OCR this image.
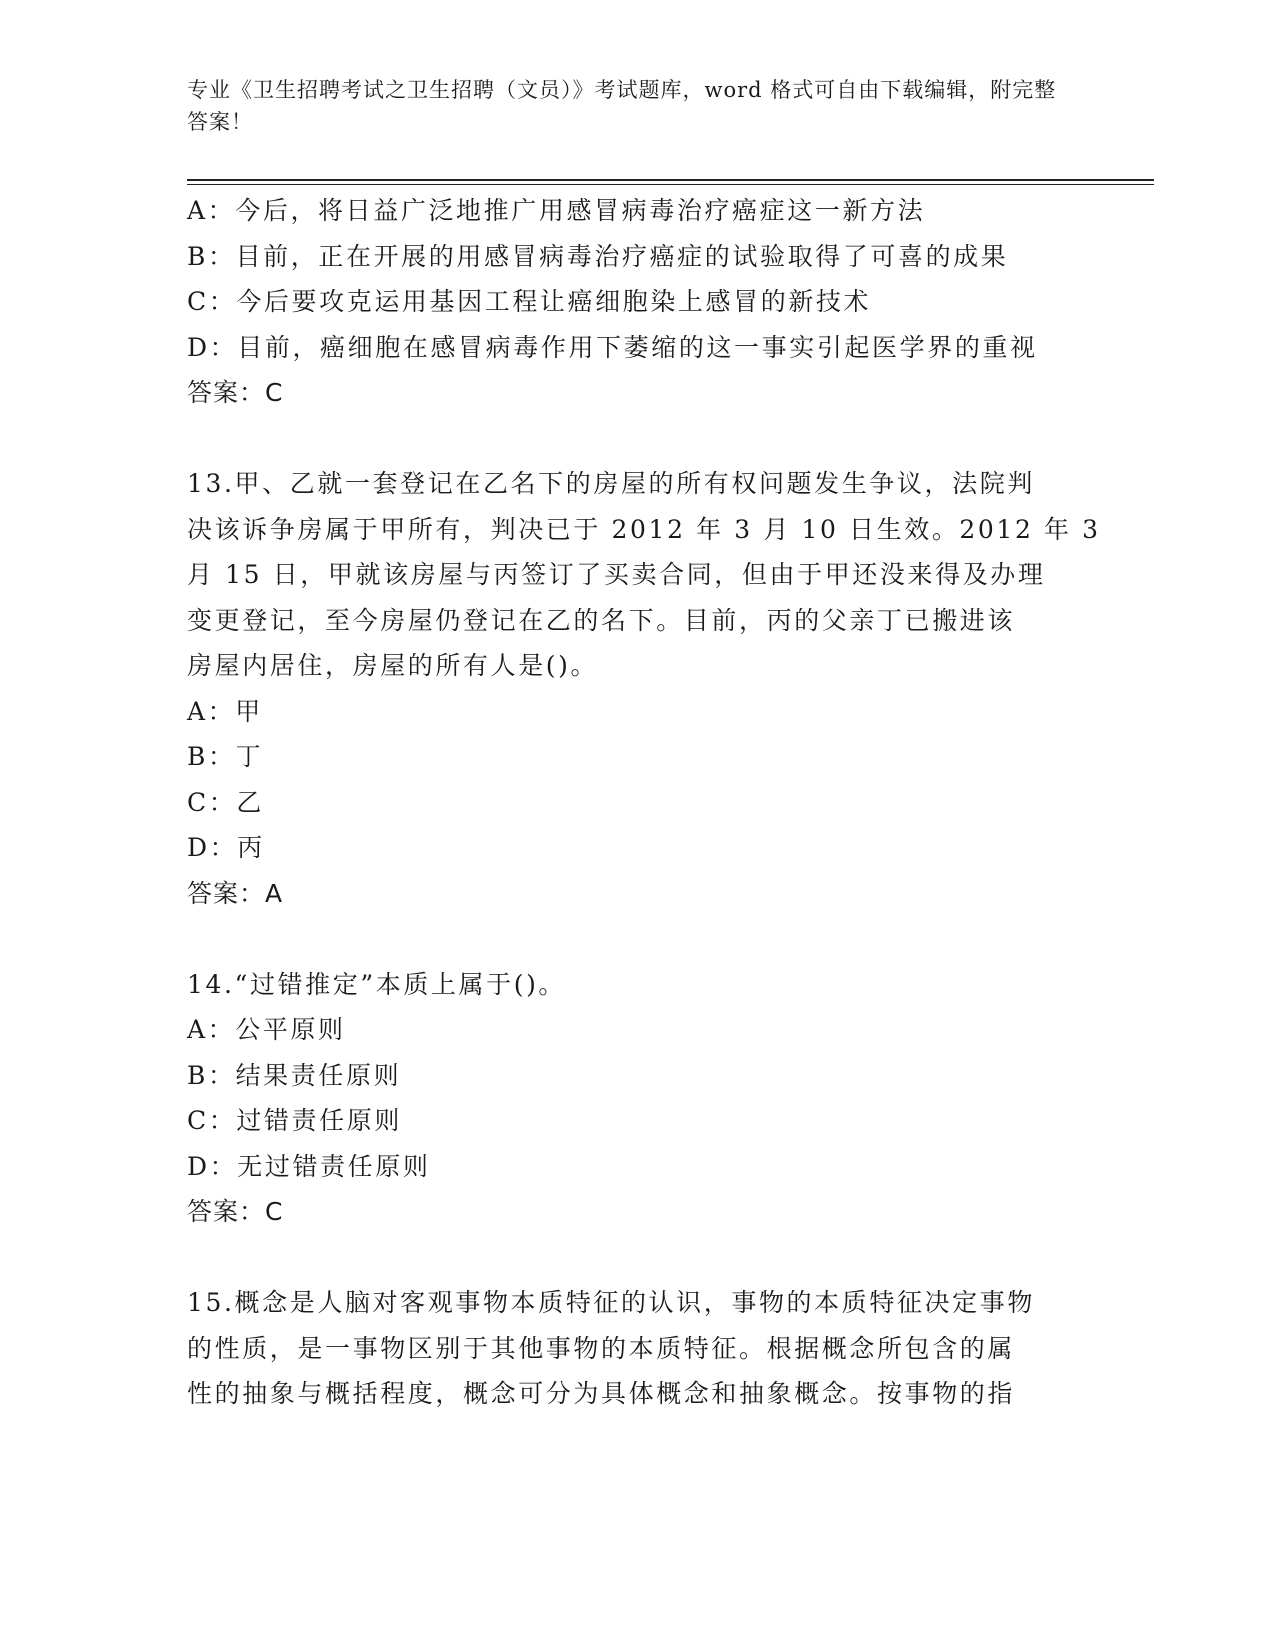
专业《卫生招聘考试之卫生招聘（文员）》考试题库，word 格式可自由下载编辑，附完整答案！

A：今后，将日益广泛地推广用感冒病毒治疗癌症这一新方法

B：目前，正在开展的用感冒病毒治疗癌症的试验取得了可喜的成果

C：今后要攻克运用基因工程让癌细胞染上感冒的新技术

D：目前，癌细胞在感冒病毒作用下萎缩的这一事实引起医学界的重视

答案：C

13.甲、乙就一套登记在乙名下的房屋的所有权问题发生争议，法院判

决该诉争房属于甲所有，判决已于 2012 年 3 月 10 日生效。2012 年 3

月 15 日，甲就该房屋与丙签订了买卖合同，但由于甲还没来得及办理

变更登记，至今房屋仍登记在乙的名下。目前，丙的父亲丁已搬进该

房屋内居住，房屋的所有人是()。

A：甲

B：丁

C：乙

D：丙

答案：A

14.“过错推定”本质上属于()。

A：公平原则

B：结果责任原则

C：过错责任原则

D：无过错责任原则

答案：C

15.概念是人脑对客观事物本质特征的认识，事物的本质特征决定事物

的性质，是一事物区别于其他事物的本质特征。根据概念所包含的属

性的抽象与概括程度，概念可分为具体概念和抽象概念。按事物的指
